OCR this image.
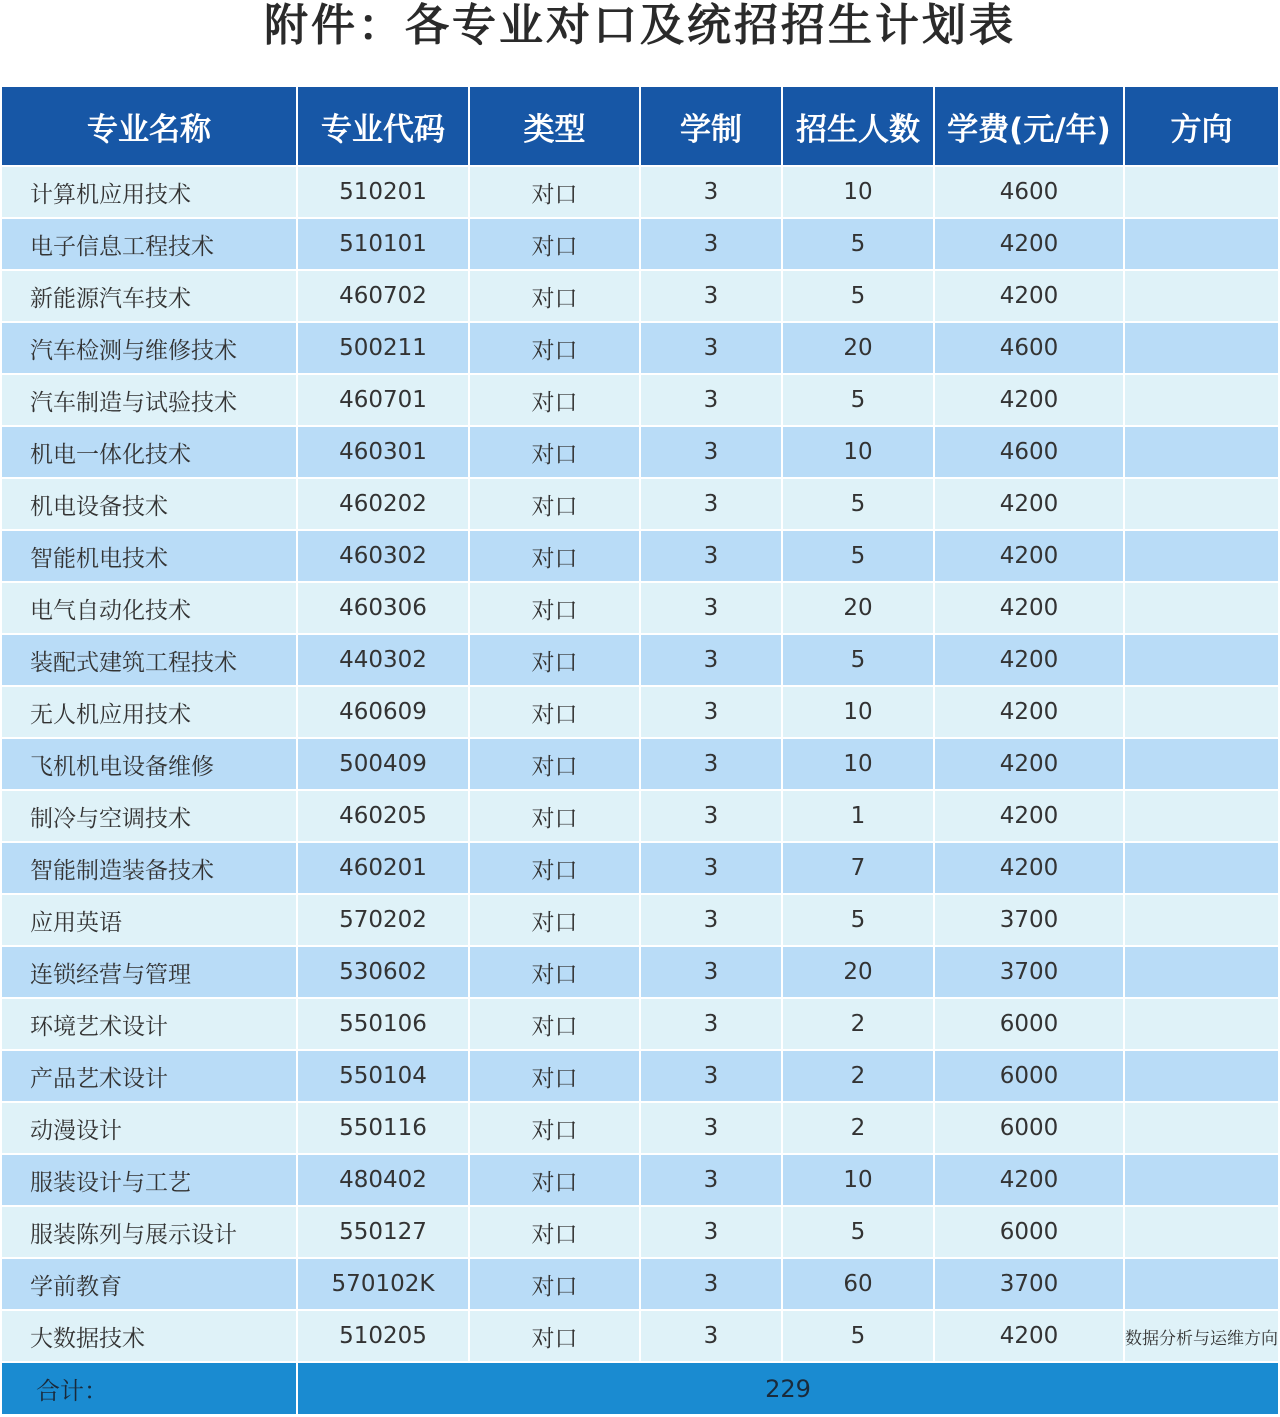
附件：各专业对口及统招招生计划表
专业名称	专业代码	类型	学制	招生人数	学费(元/年)	方向
计算机应用技术	510201	对口	3	10	4600	
电子信息工程技术	510101	对口	3	5	4200	
新能源汽车技术	460702	对口	3	5	4200	
汽车检测与维修技术	500211	对口	3	20	4600	
汽车制造与试验技术	460701	对口	3	5	4200	
机电一体化技术	460301	对口	3	10	4600	
机电设备技术	460202	对口	3	5	4200	
智能机电技术	460302	对口	3	5	4200	
电气自动化技术	460306	对口	3	20	4200	
装配式建筑工程技术	440302	对口	3	5	4200	
无人机应用技术	460609	对口	3	10	4200	
飞机机电设备维修	500409	对口	3	10	4200	
制冷与空调技术	460205	对口	3	1	4200	
智能制造装备技术	460201	对口	3	7	4200	
应用英语	570202	对口	3	5	3700	
连锁经营与管理	530602	对口	3	20	3700	
环境艺术设计	550106	对口	3	2	6000	
产品艺术设计	550104	对口	3	2	6000	
动漫设计	550116	对口	3	2	6000	
服装设计与工艺	480402	对口	3	10	4200	
服装陈列与展示设计	550127	对口	3	5	6000	
学前教育	570102K	对口	3	60	3700	
大数据技术	510205	对口	3	5	4200	数据分析与运维方向
合计：	229					
